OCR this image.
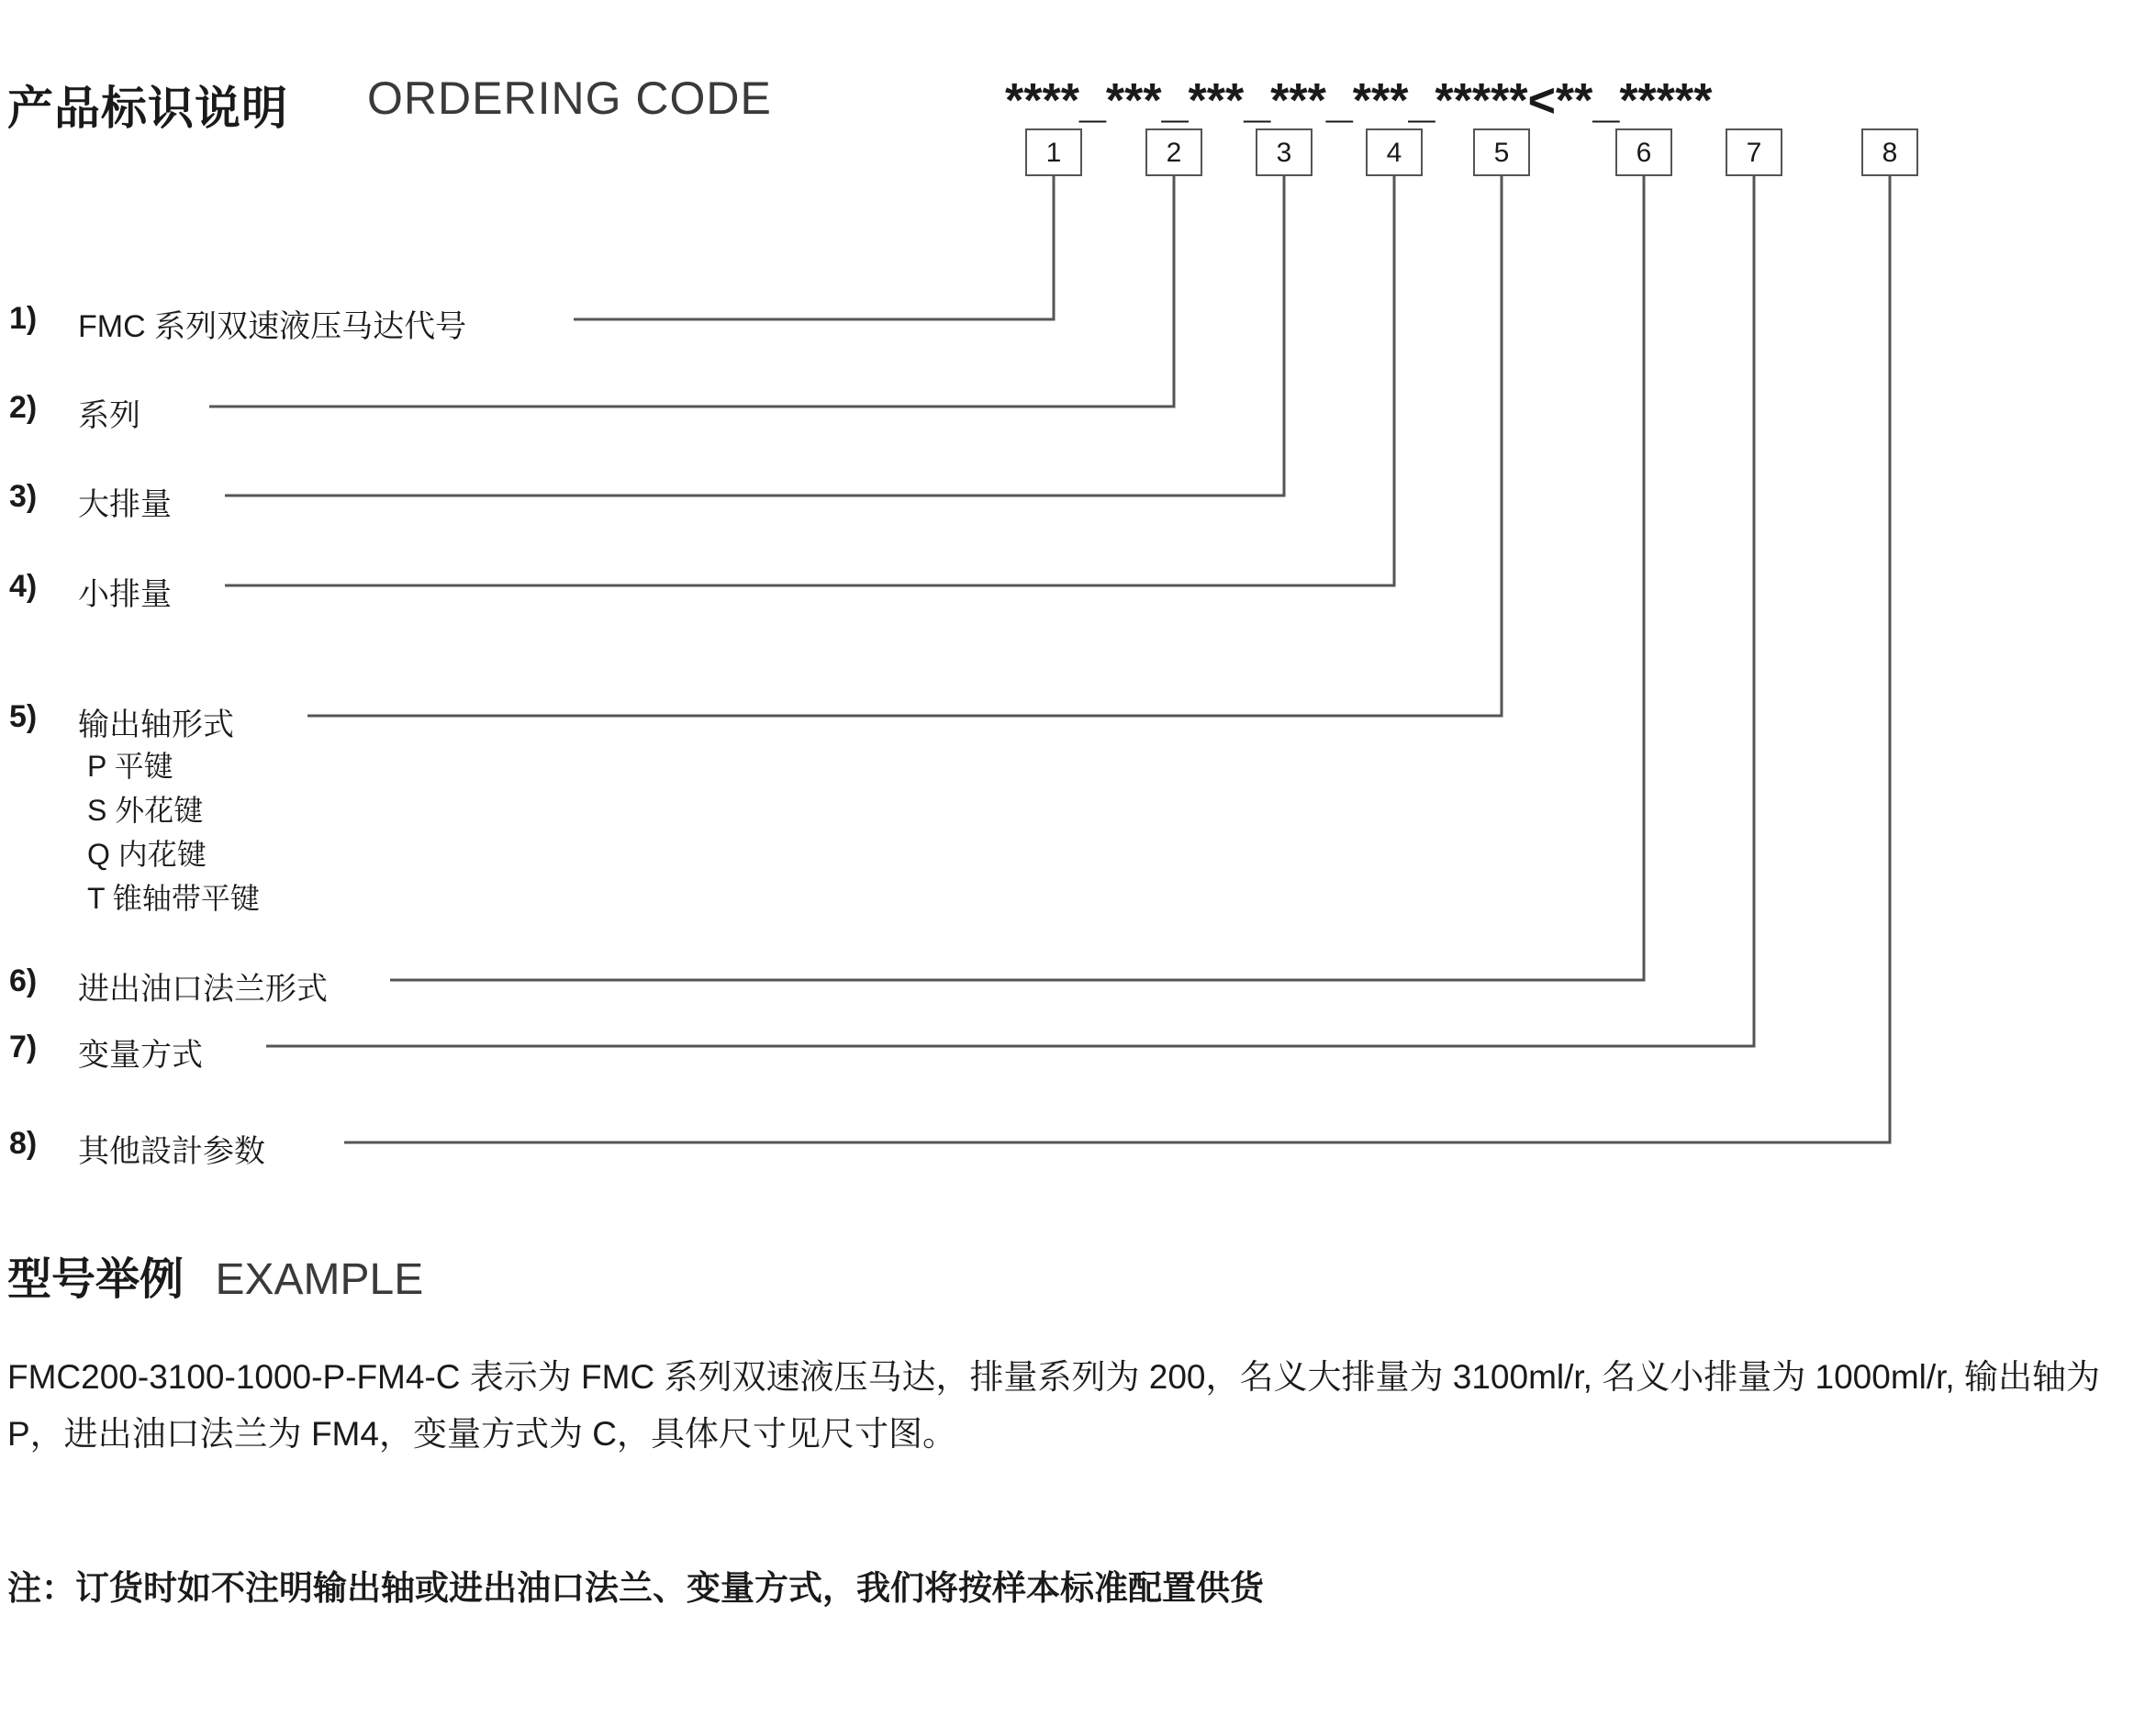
产品标识说明 ORDERING CODE	****_***_***_***_***_*****<**_*****
1	2	3	4	5	6	7	8
1) FMC 系列双速液压马达代号
2) 系列
3) 大排量
4) 小排量
5) 输出轴形式
P 平键
S 外花键
Q 内花键
T 锥轴带平键
6) 进出油口法兰形式
7) 变量方式
8) 其他設計参数
型号举例 EXAMPLE
FMC200-3100-1000-P-FM4-C 表示为 FMC 系列双速液压马达，排量系列为 200，名义大排量为 3100ml/r, 名义小排量为 1000ml/r, 输出轴为 P，进出油口法兰为 FM4，变量方式为 C，具体尺寸见尺寸图。
注：订货时如不注明输出轴或进出油口法兰、变量方式，我们将按样本标准配置供货
